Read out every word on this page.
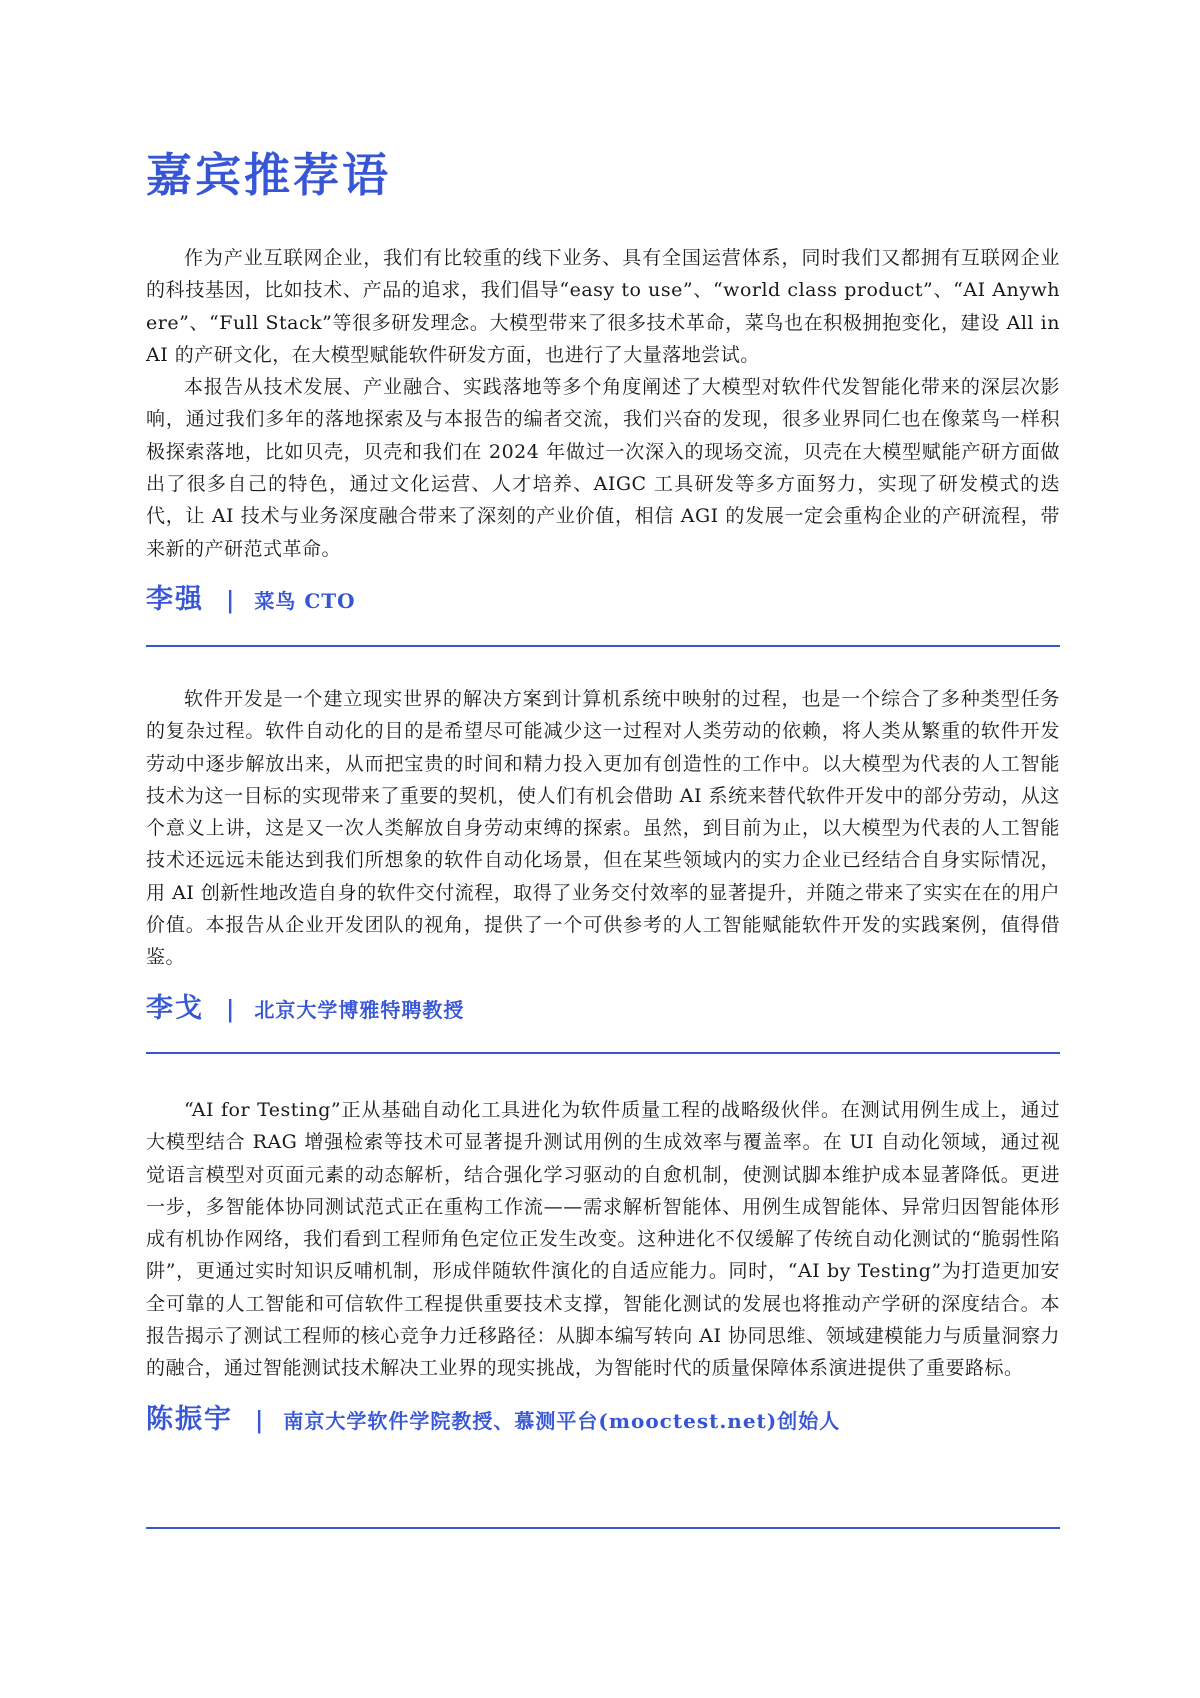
嘉宾推荐语

作为产业互联网企业，我们有比较重的线下业务、具有全国运营体系，同时我们又都拥有互联网企业的科技基因，比如技术、产品的追求，我们倡导“easy to use”、“world class product”、“AI Anywhere”、“Full Stack”等很多研发理念。大模型带来了很多技术革命，菜鸟也在积极拥抱变化，建设 All in AI 的产研文化，在大模型赋能软件研发方面，也进行了大量落地尝试。

本报告从技术发展、产业融合、实践落地等多个角度阐述了大模型对软件代发智能化带来的深层次影响，通过我们多年的落地探索及与本报告的编者交流，我们兴奋的发现，很多业界同仁也在像菜鸟一样积极探索落地，比如贝壳，贝壳和我们在 2024 年做过一次深入的现场交流，贝壳在大模型赋能产研方面做出了很多自己的特色，通过文化运营、人才培养、AIGC 工具研发等多方面努力，实现了研发模式的迭代，让 AI 技术与业务深度融合带来了深刻的产业价值，相信 AGI 的发展一定会重构企业的产研流程，带来新的产研范式革命。

李强 | 菜鸟 CTO

软件开发是一个建立现实世界的解决方案到计算机系统中映射的过程，也是一个综合了多种类型任务的复杂过程。软件自动化的目的是希望尽可能减少这一过程对人类劳动的依赖，将人类从繁重的软件开发劳动中逐步解放出来，从而把宝贵的时间和精力投入更加有创造性的工作中。以大模型为代表的人工智能技术为这一目标的实现带来了重要的契机，使人们有机会借助 AI 系统来替代软件开发中的部分劳动，从这个意义上讲，这是又一次人类解放自身劳动束缚的探索。虽然，到目前为止，以大模型为代表的人工智能技术还远远未能达到我们所想象的软件自动化场景，但在某些领域内的实力企业已经结合自身实际情况，用 AI 创新性地改造自身的软件交付流程，取得了业务交付效率的显著提升，并随之带来了实实在在的用户价值。本报告从企业开发团队的视角，提供了一个可供参考的人工智能赋能软件开发的实践案例，值得借鉴。

李戈 | 北京大学博雅特聘教授

“AI for Testing”正从基础自动化工具进化为软件质量工程的战略级伙伴。在测试用例生成上，通过大模型结合 RAG 增强检索等技术可显著提升测试用例的生成效率与覆盖率。在 UI 自动化领域，通过视觉语言模型对页面元素的动态解析，结合强化学习驱动的自愈机制，使测试脚本维护成本显著降低。更进一步，多智能体协同测试范式正在重构工作流——需求解析智能体、用例生成智能体、异常归因智能体形成有机协作网络，我们看到工程师角色定位正发生改变。这种进化不仅缓解了传统自动化测试的“脆弱性陷阱”，更通过实时知识反哺机制，形成伴随软件演化的自适应能力。同时，“AI by Testing”为打造更加安全可靠的人工智能和可信软件工程提供重要技术支撑，智能化测试的发展也将推动产学研的深度结合。本报告揭示了测试工程师的核心竞争力迁移路径：从脚本编写转向 AI 协同思维、领域建模能力与质量洞察力的融合，通过智能测试技术解决工业界的现实挑战，为智能时代的质量保障体系演进提供了重要路标。

陈振宇 | 南京大学软件学院教授、慕测平台(mooctest.net)创始人
